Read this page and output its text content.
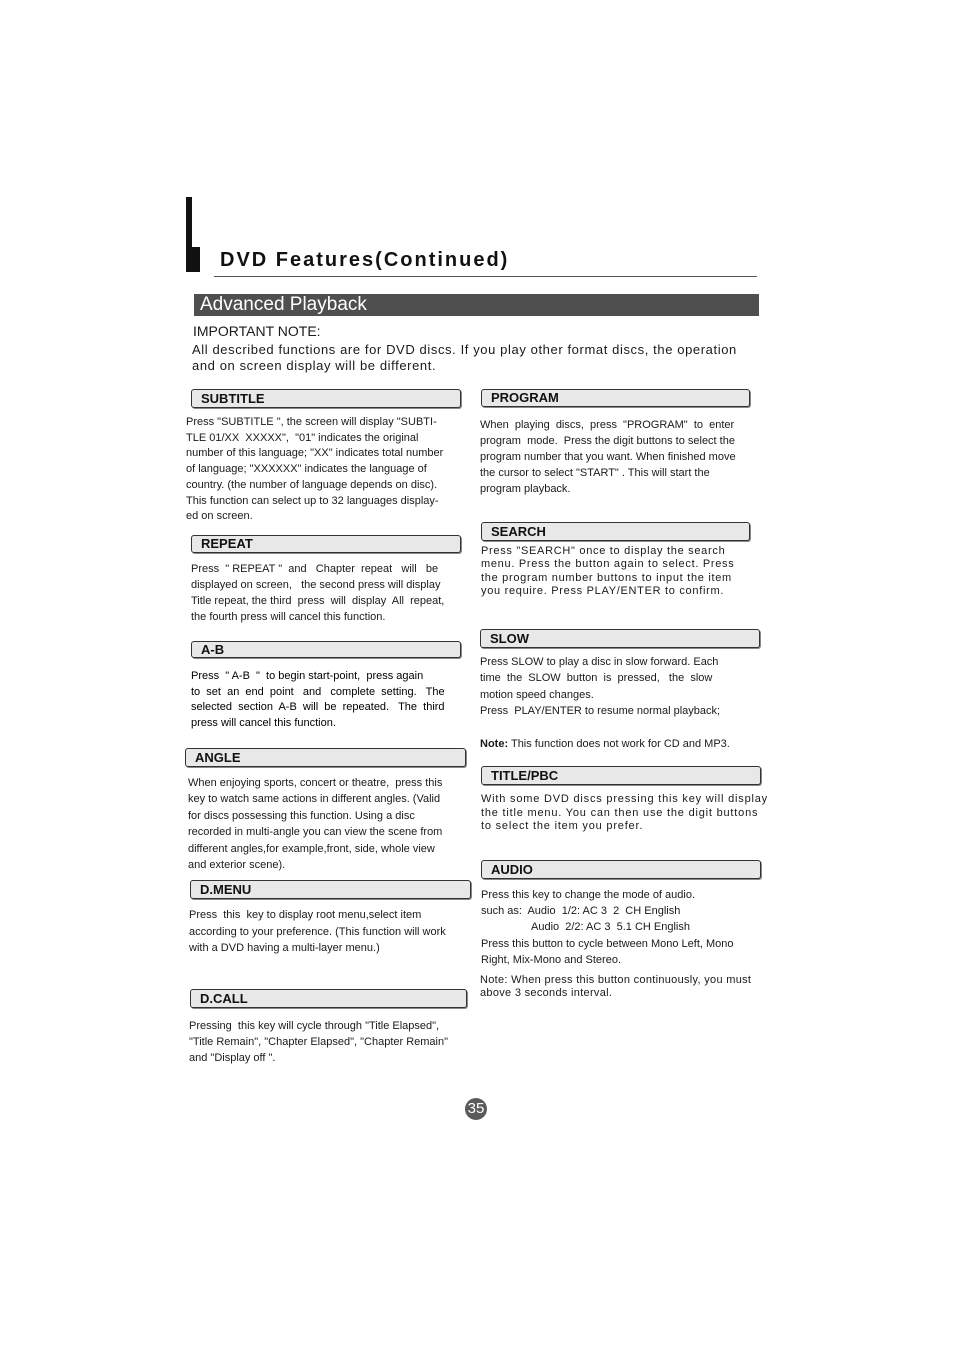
DVD Features(Continued)
Advanced Playback
IMPORTANT NOTE:
All described functions are for DVD discs. If you play other format discs, the operation
and on screen display will be different.
SUBTITLE
Press "SUBTITLE ", the screen will display "SUBTI-
TLE 01/XX  XXXXX",  "01" indicates the original
number of this language; "XX" indicates total number
of language; "XXXXXX" indicates the language of
country. (the number of language depends on disc).
This function can select up to 32 languages display-
ed on screen.
REPEAT
Press  " REPEAT "  and   Chapter  repeat   will   be
displayed on screen,   the second press will display
Title repeat, the third  press  will  display  All  repeat,
the fourth press will cancel this function.
A-B
Press  " A-B  "  to begin start-point,  press again
to  set  an  end  point   and   complete  setting.   The
selected  section  A-B  will  be  repeated.   The  third
press will cancel this function.
ANGLE
When enjoying sports, concert or theatre,  press this
key to watch same actions in different angles. (Valid
for discs possessing this function. Using a disc
recorded in multi-angle you can view the scene from
different angles,for example,front, side, whole view
and exterior scene).
D.MENU
Press  this  key to display root menu,select item
according to your preference. (This function will work
with a DVD having a multi-layer menu.)
D.CALL
Pressing  this key will cycle through "Title Elapsed",
"Title Remain", "Chapter Elapsed", "Chapter Remain"
and "Display off ".
PROGRAM
When  playing  discs,  press  "PROGRAM"  to  enter
program  mode.  Press the digit buttons to select the
program number that you want. When finished move
the cursor to select "START" . This will start the
program playback.
SEARCH
Press "SEARCH" once to display the search
menu. Press the button again to select. Press
the program number buttons to input the item
you require. Press PLAY/ENTER to confirm.
SLOW
Press SLOW to play a disc in slow forward. Each
time  the  SLOW  button  is  pressed,   the  slow
motion speed changes.
Press  PLAY/ENTER to resume normal playback;
Note: This function does not work for CD and MP3.
TITLE/PBC
With some DVD discs pressing this key will display
the title menu. You can then use the digit buttons
to select the item you prefer.
AUDIO
Press this key to change the mode of audio.
such as:  Audio  1/2: AC 3  2  CH English
Audio  2/2: AC 3  5.1 CH English
Press this button to cycle between Mono Left, Mono
Right, Mix-Mono and Stereo.
Note: When press this button continuously, you must
above 3 seconds interval.
35
